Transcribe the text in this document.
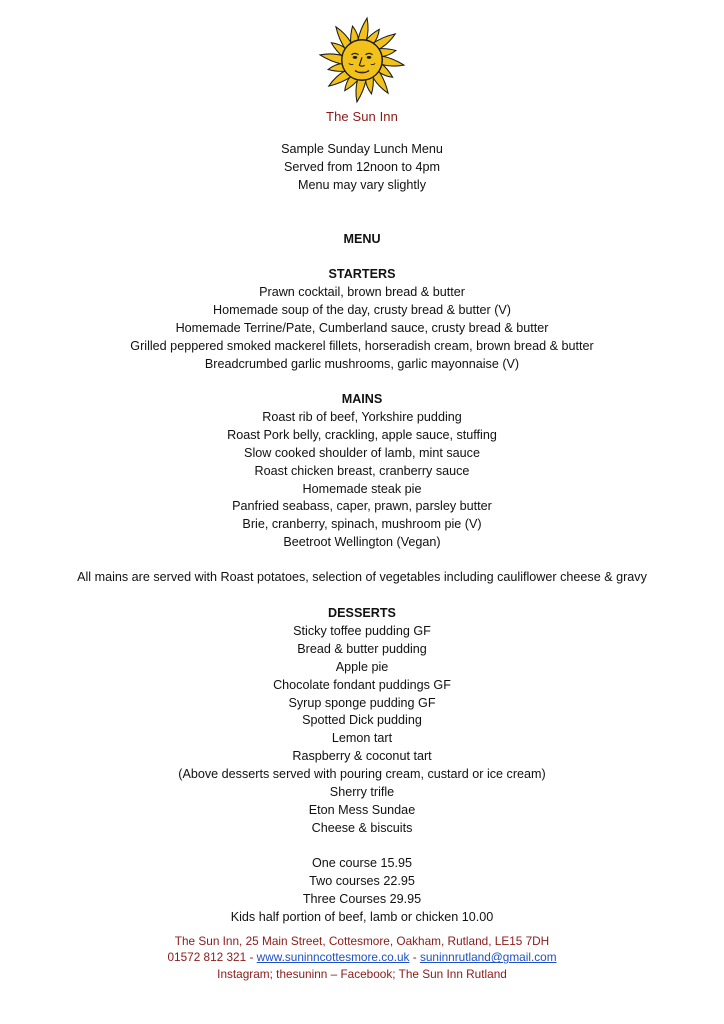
The Sun Inn
Sample Sunday Lunch Menu
Served from 12noon to 4pm
Menu may vary slightly
MENU
STARTERS
Prawn cocktail, brown bread & butter
Homemade soup of the day, crusty bread & butter (V)
Homemade Terrine/Pate, Cumberland sauce, crusty bread & butter
Grilled peppered smoked mackerel fillets, horseradish cream, brown bread & butter
Breadcrumbed garlic mushrooms, garlic mayonnaise (V)
MAINS
Roast rib of beef, Yorkshire pudding
Roast Pork belly, crackling, apple sauce, stuffing
Slow cooked shoulder of lamb, mint sauce
Roast chicken breast, cranberry sauce
Homemade steak pie
Panfried seabass, caper, prawn, parsley butter
Brie, cranberry, spinach, mushroom pie (V)
Beetroot Wellington (Vegan)
All mains are served with Roast potatoes, selection of vegetables including cauliflower cheese & gravy
DESSERTS
Sticky toffee pudding GF
Bread & butter pudding
Apple pie
Chocolate fondant puddings GF
Syrup sponge pudding GF
Spotted Dick pudding
Lemon tart
Raspberry & coconut tart
(Above desserts served with pouring cream, custard or ice cream)
Sherry trifle
Eton Mess Sundae
Cheese & biscuits
One course 15.95
Two courses 22.95
Three Courses 29.95
Kids half portion of beef, lamb or chicken 10.00
The Sun Inn, 25 Main Street, Cottesmore, Oakham, Rutland, LE15 7DH
01572 812 321 - www.suninncottesmore.co.uk - suninnrutland@gmail.com
Instagram; thesuninn – Facebook; The Sun Inn Rutland
